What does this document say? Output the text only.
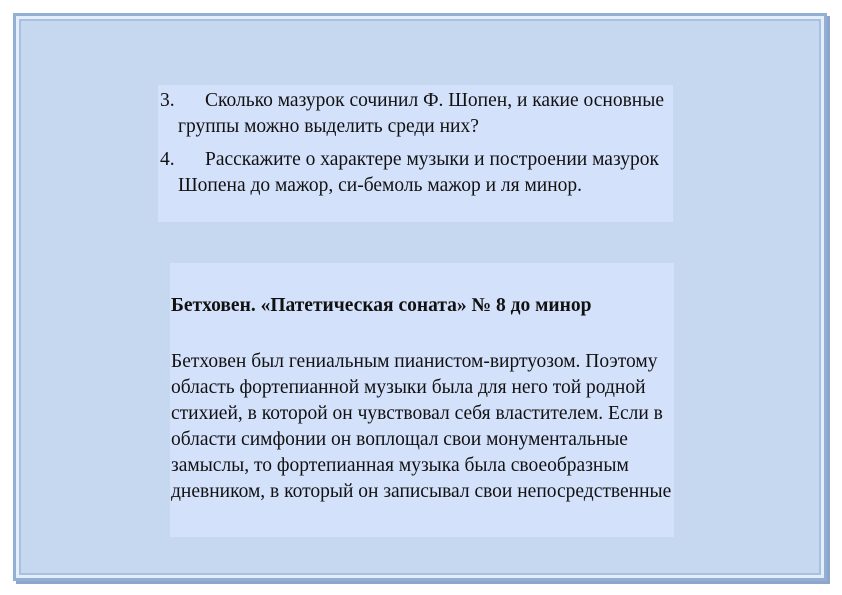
3.	Сколько мазурок сочинил Ф. Шопен, и какие основные группы можно выделить среди них?
4.	Расскажите о характере музыки и построении мазурок Шопена до мажор, си-бемоль мажор и ля минор.

Бетховен. «Патетическая соната» № 8 до минор

Бетховен был гениальным пианистом-виртуозом. Поэтому область фортепианной музыки была для него той родной стихией, в которой он чувствовал себя властителем. Если в области симфонии он воплощал свои монументальные замыслы, то фортепианная музыка была своеобразным дневником, в который он записывал свои непосредственные
